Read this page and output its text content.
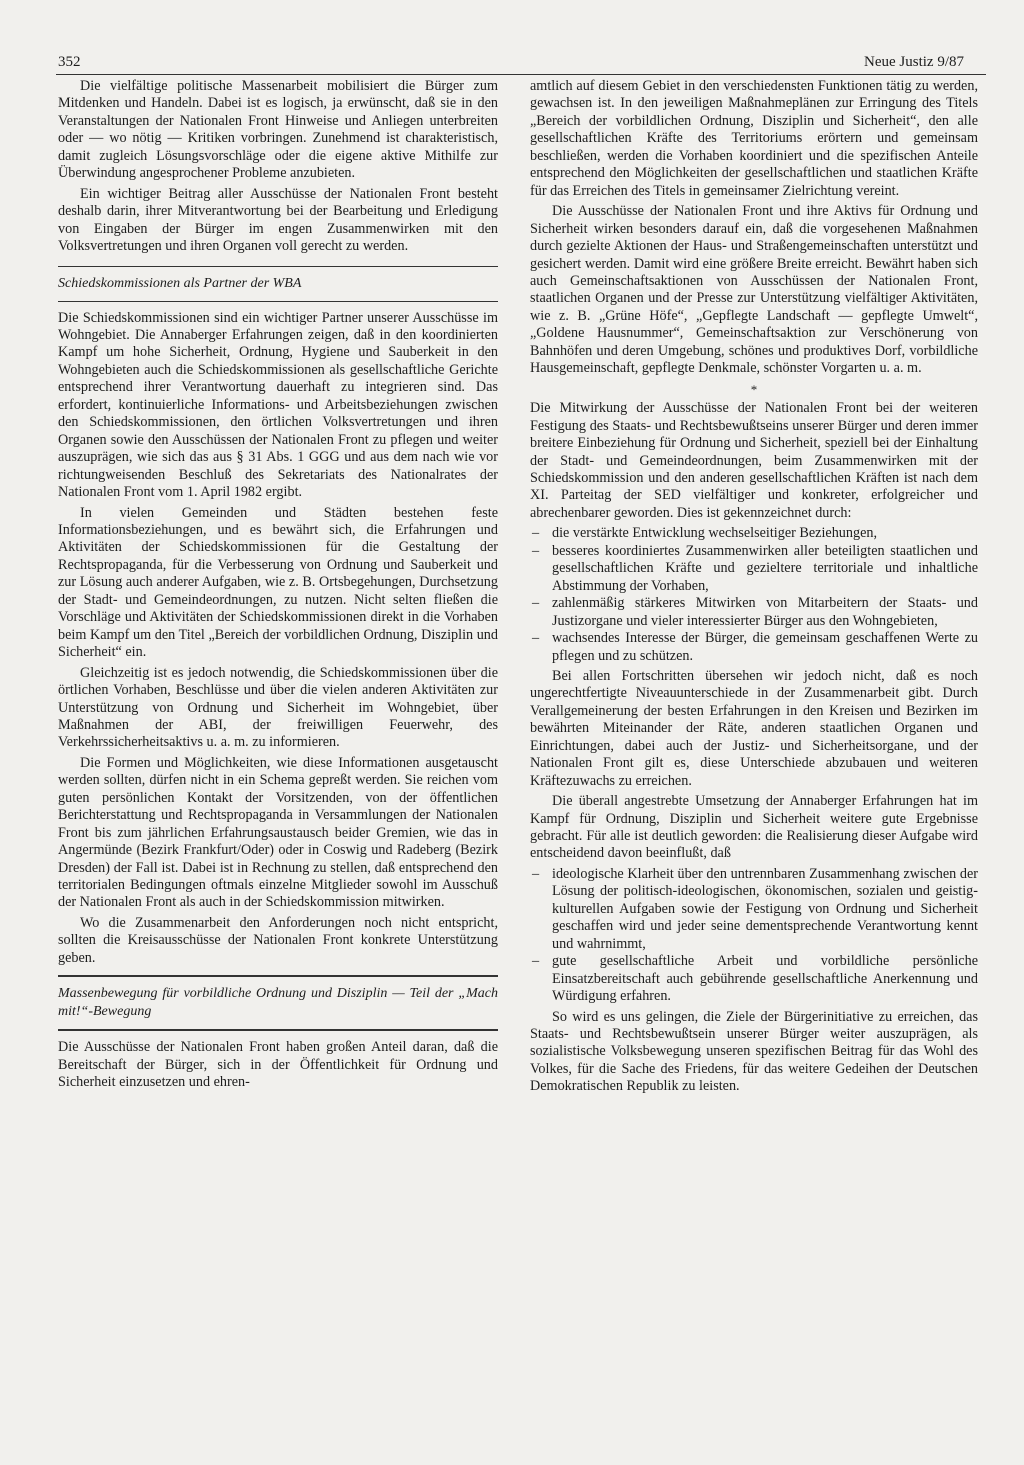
352	Neue Justiz 9/87

Die vielfältige politische Massenarbeit mobilisiert die Bürger zum Mitdenken und Handeln. Dabei ist es logisch, ja erwünscht, daß sie in den Veranstaltungen der Nationalen Front Hinweise und Anliegen unterbreiten oder — wo nötig — Kritiken vorbringen. Zunehmend ist charakteristisch, damit zugleich Lösungsvorschläge oder die eigene aktive Mithilfe zur Überwindung angesprochener Probleme anzubieten.

Ein wichtiger Beitrag aller Ausschüsse der Nationalen Front besteht deshalb darin, ihrer Mitverantwortung bei der Bearbeitung und Erledigung von Eingaben der Bürger im engen Zusammenwirken mit den Volksvertretungen und ihren Organen voll gerecht zu werden.

Schiedskommissionen als Partner der WBA

Die Schiedskommissionen sind ein wichtiger Partner unserer Ausschüsse im Wohngebiet. Die Annaberger Erfahrungen zeigen, daß in den koordinierten Kampf um hohe Sicherheit, Ordnung, Hygiene und Sauberkeit in den Wohngebieten auch die Schiedskommissionen als gesellschaftliche Gerichte entsprechend ihrer Verantwortung dauerhaft zu integrieren sind. Das erfordert, kontinuierliche Informations- und Arbeitsbeziehungen zwischen den Schiedskommissionen, den örtlichen Volksvertretungen und ihren Organen sowie den Ausschüssen der Nationalen Front zu pflegen und weiter auszuprägen, wie sich das aus § 31 Abs. 1 GGG und aus dem nach wie vor richtungweisenden Beschluß des Sekretariats des Nationalrates der Nationalen Front vom 1. April 1982 ergibt.

In vielen Gemeinden und Städten bestehen feste Informationsbeziehungen, und es bewährt sich, die Erfahrungen und Aktivitäten der Schiedskommissionen für die Gestaltung der Rechtspropaganda, für die Verbesserung von Ordnung und Sauberkeit und zur Lösung auch anderer Aufgaben, wie z. B. Ortsbegehungen, Durchsetzung der Stadt- und Gemeindeordnungen, zu nutzen. Nicht selten fließen die Vorschläge und Aktivitäten der Schiedskommissionen direkt in die Vorhaben beim Kampf um den Titel „Bereich der vorbildlichen Ordnung, Disziplin und Sicherheit“ ein.

Gleichzeitig ist es jedoch notwendig, die Schiedskommissionen über die örtlichen Vorhaben, Beschlüsse und über die vielen anderen Aktivitäten zur Unterstützung von Ordnung und Sicherheit im Wohngebiet, über Maßnahmen der ABI, der freiwilligen Feuerwehr, des Verkehrssicherheitsaktivs u. a. m. zu informieren.

Die Formen und Möglichkeiten, wie diese Informationen ausgetauscht werden sollten, dürfen nicht in ein Schema gepreßt werden. Sie reichen vom guten persönlichen Kontakt der Vorsitzenden, von der öffentlichen Berichterstattung und Rechtspropaganda in Versammlungen der Nationalen Front bis zum jährlichen Erfahrungsaustausch beider Gremien, wie das in Angermünde (Bezirk Frankfurt/Oder) oder in Coswig und Radeberg (Bezirk Dresden) der Fall ist. Dabei ist in Rechnung zu stellen, daß entsprechend den territorialen Bedingungen oftmals einzelne Mitglieder sowohl im Ausschuß der Nationalen Front als auch in der Schiedskommission mitwirken.

Wo die Zusammenarbeit den Anforderungen noch nicht entspricht, sollten die Kreisausschüsse der Nationalen Front konkrete Unterstützung geben.

Massenbewegung für vorbildliche Ordnung und Disziplin — Teil der „Mach mit!“-Bewegung

Die Ausschüsse der Nationalen Front haben großen Anteil daran, daß die Bereitschaft der Bürger, sich in der Öffentlichkeit für Ordnung und Sicherheit einzusetzen und ehren-

amtlich auf diesem Gebiet in den verschiedensten Funktionen tätig zu werden, gewachsen ist. In den jeweiligen Maßnahmeplänen zur Erringung des Titels „Bereich der vorbildlichen Ordnung, Disziplin und Sicherheit“, den alle gesellschaftlichen Kräfte des Territoriums erörtern und gemeinsam beschließen, werden die Vorhaben koordiniert und die spezifischen Anteile entsprechend den Möglichkeiten der gesellschaftlichen und staatlichen Kräfte für das Erreichen des Titels in gemeinsamer Zielrichtung vereint.

Die Ausschüsse der Nationalen Front und ihre Aktivs für Ordnung und Sicherheit wirken besonders darauf ein, daß die vorgesehenen Maßnahmen durch gezielte Aktionen der Haus- und Straßengemeinschaften unterstützt und gesichert werden. Damit wird eine größere Breite erreicht. Bewährt haben sich auch Gemeinschaftsaktionen von Ausschüssen der Nationalen Front, staatlichen Organen und der Presse zur Unterstützung vielfältiger Aktivitäten, wie z. B. „Grüne Höfe“, „Gepflegte Landschaft — gepflegte Umwelt“, „Goldene Hausnummer“, Gemeinschaftsaktion zur Verschönerung von Bahnhöfen und deren Umgebung, schönes und produktives Dorf, vorbildliche Hausgemeinschaft, gepflegte Denkmale, schönster Vorgarten u. a. m.

*

Die Mitwirkung der Ausschüsse der Nationalen Front bei der weiteren Festigung des Staats- und Rechtsbewußtseins unserer Bürger und deren immer breitere Einbeziehung für Ordnung und Sicherheit, speziell bei der Einhaltung der Stadt- und Gemeindeordnungen, beim Zusammenwirken mit der Schiedskommission und den anderen gesellschaftlichen Kräften ist nach dem XI. Parteitag der SED vielfältiger und konkreter, erfolgreicher und abrechenbarer geworden. Dies ist gekennzeichnet durch:

– die verstärkte Entwicklung wechselseitiger Beziehungen,
– besseres koordiniertes Zusammenwirken aller beteiligten staatlichen und gesellschaftlichen Kräfte und gezieltere territoriale und inhaltliche Abstimmung der Vorhaben,
– zahlenmäßig stärkeres Mitwirken von Mitarbeitern der Staats- und Justizorgane und vieler interessierter Bürger aus den Wohngebieten,
– wachsendes Interesse der Bürger, die gemeinsam geschaffenen Werte zu pflegen und zu schützen.

Bei allen Fortschritten übersehen wir jedoch nicht, daß es noch ungerechtfertigte Niveauunterschiede in der Zusammenarbeit gibt. Durch Verallgemeinerung der besten Erfahrungen in den Kreisen und Bezirken im bewährten Miteinander der Räte, anderen staatlichen Organen und Einrichtungen, dabei auch der Justiz- und Sicherheitsorgane, und der Nationalen Front gilt es, diese Unterschiede abzubauen und weiteren Kräftezuwachs zu erreichen.

Die überall angestrebte Umsetzung der Annaberger Erfahrungen hat im Kampf für Ordnung, Disziplin und Sicherheit weitere gute Ergebnisse gebracht. Für alle ist deutlich geworden: die Realisierung dieser Aufgabe wird entscheidend davon beeinflußt, daß

– ideologische Klarheit über den untrennbaren Zusammenhang zwischen der Lösung der politisch-ideologischen, ökonomischen, sozialen und geistig-kulturellen Aufgaben sowie der Festigung von Ordnung und Sicherheit geschaffen wird und jeder seine dementsprechende Verantwortung kennt und wahrnimmt,
– gute gesellschaftliche Arbeit und vorbildliche persönliche Einsatzbereitschaft auch gebührende gesellschaftliche Anerkennung und Würdigung erfahren.

So wird es uns gelingen, die Ziele der Bürgerinitiative zu erreichen, das Staats- und Rechtsbewußtsein unserer Bürger weiter auszuprägen, als sozialistische Volksbewegung unseren spezifischen Beitrag für das Wohl des Volkes, für die Sache des Friedens, für das weitere Gedeihen der Deutschen Demokratischen Republik zu leisten.
